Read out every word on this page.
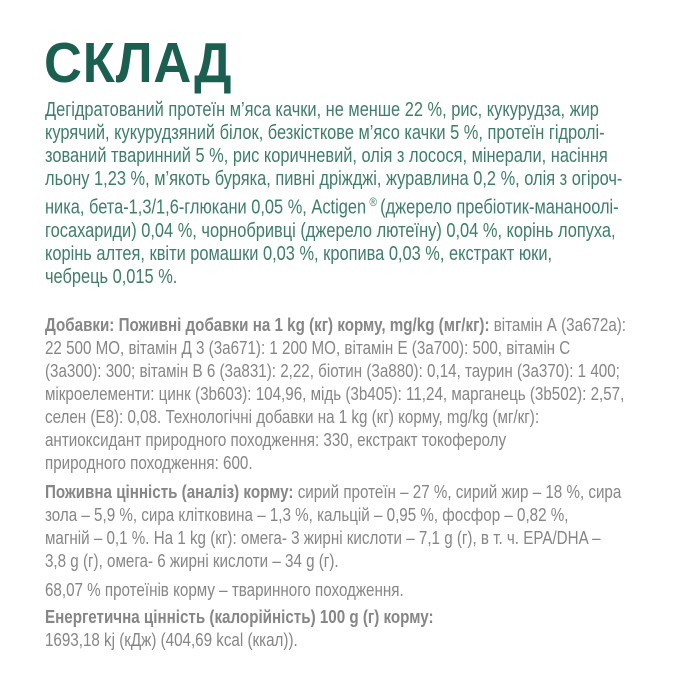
СКЛАД
Дегідратований протеїн м’яса качки, не менше 22 %, рис, кукурудза, жир
курячий, кукурудзяний білок, безкісткове м’ясо качки 5 %, протеїн гідролі-
зований тваринний 5 %, рис коричневий, олія з лосося, мінерали, насіння
льону 1,23 %, м’якоть буряка, пивні дріжджі, журавлина 0,2 %, олія з огіроч-
ника, бета-1,3/1,6-глюкани 0,05 %, Actigen ® (джерело пребіотик-мананоолі-
госахариди) 0,04 %, чорнобривці (джерело лютеїну) 0,04 %, корінь лопуха,
корінь алтея, квіти ромашки 0,03 %, кропива 0,03 %, екстракт юки,
чебрець 0,015 %.
Добавки: Поживні добавки на 1 kg (кг) корму, mg/kg (мг/кг): вітамін А (3a672a):
22 500 МО, вітамін Д 3 (3a671): 1 200 МО, вітамін Е (3a700): 500, вітамін С
(3a300): 300; вітамін В 6 (3a831): 2,22, біотин (3a880): 0,14, таурин (3a370): 1 400;
мікроелементи: цинк (3b603): 104,96, мідь (3b405): 11,24, марганець (3b502): 2,57,
селен (E8): 0,08. Технологічні добавки на 1 kg (кг) корму, mg/kg (мг/кг):
антиоксидант природного походження: 330, екстракт токоферолу
природного походження: 600.
Поживна цінність (аналіз) корму: сирий протеїн – 27 %, сирий жир – 18 %, сира
зола – 5,9 %, сира клітковина – 1,3 %, кальцій – 0,95 %, фосфор – 0,82 %,
магній – 0,1 %. На 1 kg (кг): омега- 3 жирні кислоти – 7,1 g (г), в т. ч. EPA/DHA –
3,8 g (г), омега- 6 жирні кислоти – 34 g (г).
68,07 % протеїнів корму – тваринного походження.
Енергетична цінність (калорійність) 100 g (г) корму:
1693,18 kj (кДж) (404,69 kcal (ккал)).
